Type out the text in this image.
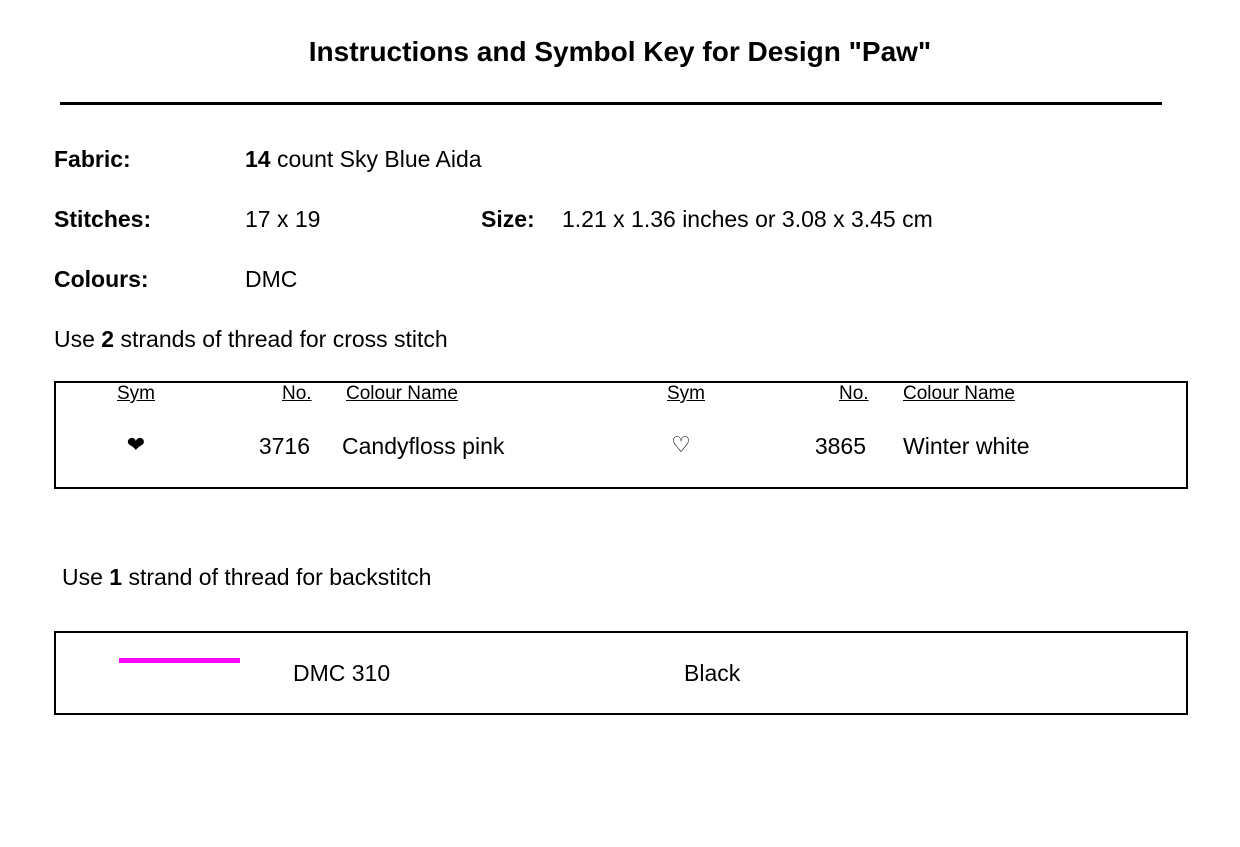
Instructions and Symbol Key for Design "Paw"
Fabric:	14 count Sky Blue Aida
Stitches:	17 x 19	Size: 1.21 x 1.36 inches or 3.08 x 3.45 cm
Colours:	DMC
Use 2 strands of thread for cross stitch
Sym	No. Colour Name	Sym	No. Colour Name
❤	3716 Candyfloss pink	♡	3865 Winter white
Use 1 strand of thread for backstitch
DMC 310	Black
